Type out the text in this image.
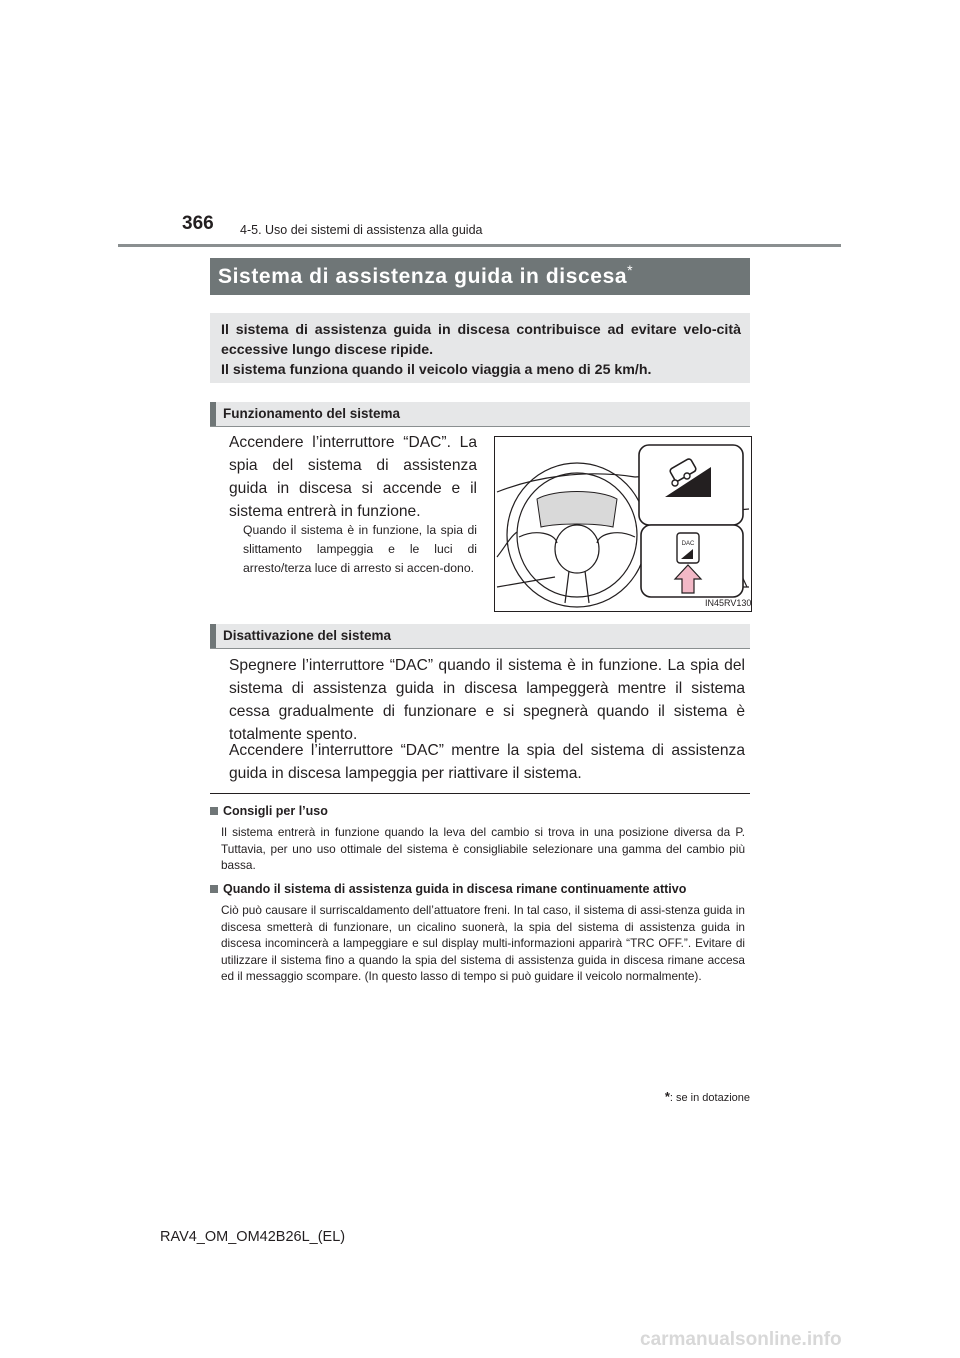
366 4-5. Uso dei sistemi di assistenza alla guida
Sistema di assistenza guida in discesa*
Il sistema di assistenza guida in discesa contribuisce ad evitare velo-cità eccessive lungo discese ripide.
Il sistema funziona quando il veicolo viaggia a meno di 25 km/h.
Funzionamento del sistema
Accendere l’interruttore “DAC”. La spia del sistema di assistenza guida in discesa si accende e il sistema entrerà in funzione.
Quando il sistema è in funzione, la spia di slittamento lampeggia e le luci di arresto/terza luce di arresto si accen-dono.
DAC
IN45RV130
Disattivazione del sistema
Spegnere l’interruttore “DAC” quando il sistema è in funzione. La spia del sistema di assistenza guida in discesa lampeggerà mentre il sistema cessa gradualmente di funzionare e si spegnerà quando il sistema è totalmente spento.
Accendere l’interruttore “DAC” mentre la spia del sistema di assistenza guida in discesa lampeggia per riattivare il sistema.
Consigli per l’uso
Il sistema entrerà in funzione quando la leva del cambio si trova in una posizione diversa da P. Tuttavia, per uno uso ottimale del sistema è consigliabile selezionare una gamma del cambio più bassa.
Quando il sistema di assistenza guida in discesa rimane continuamente attivo
Ciò può causare il surriscaldamento dell’attuatore freni. In tal caso, il sistema di assi-stenza guida in discesa smetterà di funzionare, un cicalino suonerà, la spia del sistema di assistenza guida in discesa incomincerà a lampeggiare e sul display multi-informazioni apparirà “TRC OFF.”. Evitare di utilizzare il sistema fino a quando la spia del sistema di assistenza guida in discesa rimane accesa ed il messaggio scompare. (In questo lasso di tempo si può guidare il veicolo normalmente).
*: se in dotazione
RAV4_OM_OM42B26L_(EL)
carmanualsonline.info
